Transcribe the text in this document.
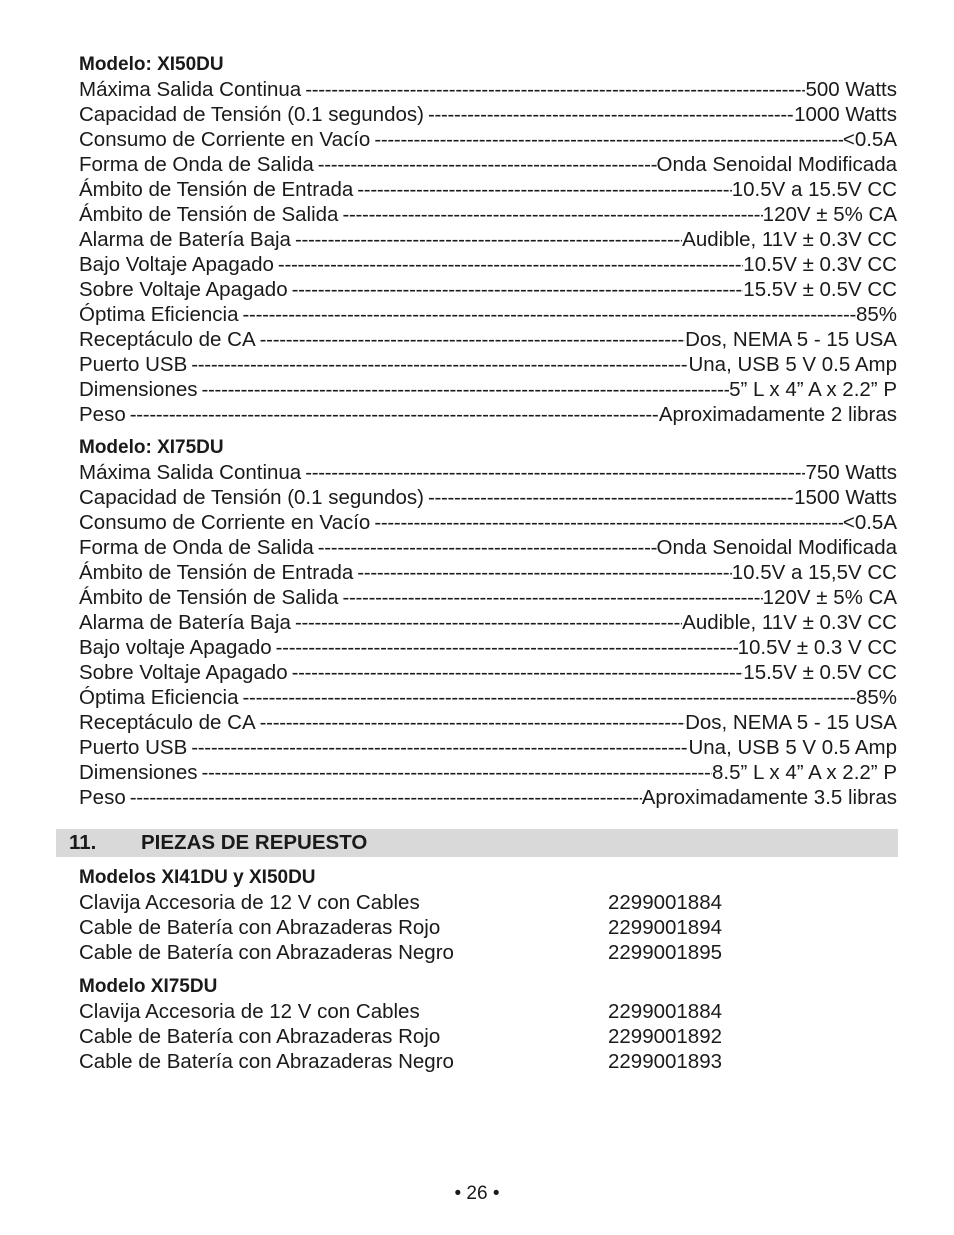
Modelo: XI50DU
Máxima Salida Continua -----	500 Watts
Capacidad de Tensión (0.1 segundos) -----	1000 Watts
Consumo de Corriente en Vacío -----	<0.5A
Forma de Onda de Salida -----	Onda Senoidal Modificada
Ámbito de Tensión de Entrada -----	10.5V a 15.5V CC
Ámbito de Tensión de Salida -----	120V ± 5% CA
Alarma de Batería Baja -----	Audible, 11V ± 0.3V CC
Bajo Voltaje Apagado -----	10.5V ± 0.3V CC
Sobre Voltaje Apagado -----	15.5V ± 0.5V CC
Óptima Eficiencia -----	85%
Receptáculo de CA -----	Dos, NEMA 5 - 15 USA
Puerto USB -----	Una, USB 5 V 0.5 Amp
Dimensiones -----	5” L x 4” A x 2.2” P
Peso -----	Aproximadamente 2 libras
Modelo: XI75DU
Máxima Salida Continua -----	750 Watts
Capacidad de Tensión (0.1 segundos) -----	1500 Watts
Consumo de Corriente en Vacío -----	<0.5A
Forma de Onda de Salida -----	Onda Senoidal Modificada
Ámbito de Tensión de Entrada -----	10.5V a 15,5V CC
Ámbito de Tensión de Salida -----	120V ± 5% CA
Alarma de Batería Baja -----	Audible, 11V ± 0.3V CC
Bajo voltaje Apagado -----	10.5V ± 0.3 V CC
Sobre Voltaje Apagado -----	15.5V ± 0.5V CC
Óptima Eficiencia -----	85%
Receptáculo de CA -----	Dos, NEMA 5 - 15 USA
Puerto USB -----	Una, USB 5 V 0.5 Amp
Dimensiones -----	8.5” L x 4” A x 2.2” P
Peso -----	Aproximadamente 3.5 libras
11. PIEZAS DE REPUESTO
Modelos XI41DU y XI50DU
Clavija Accesoria de 12 V con Cables	2299001884
Cable de Batería con Abrazaderas Rojo	2299001894
Cable de Batería con Abrazaderas Negro	2299001895
Modelo XI75DU
Clavija Accesoria de 12 V con Cables	2299001884
Cable de Batería con Abrazaderas Rojo	2299001892
Cable de Batería con Abrazaderas Negro	2299001893
• 26 •
